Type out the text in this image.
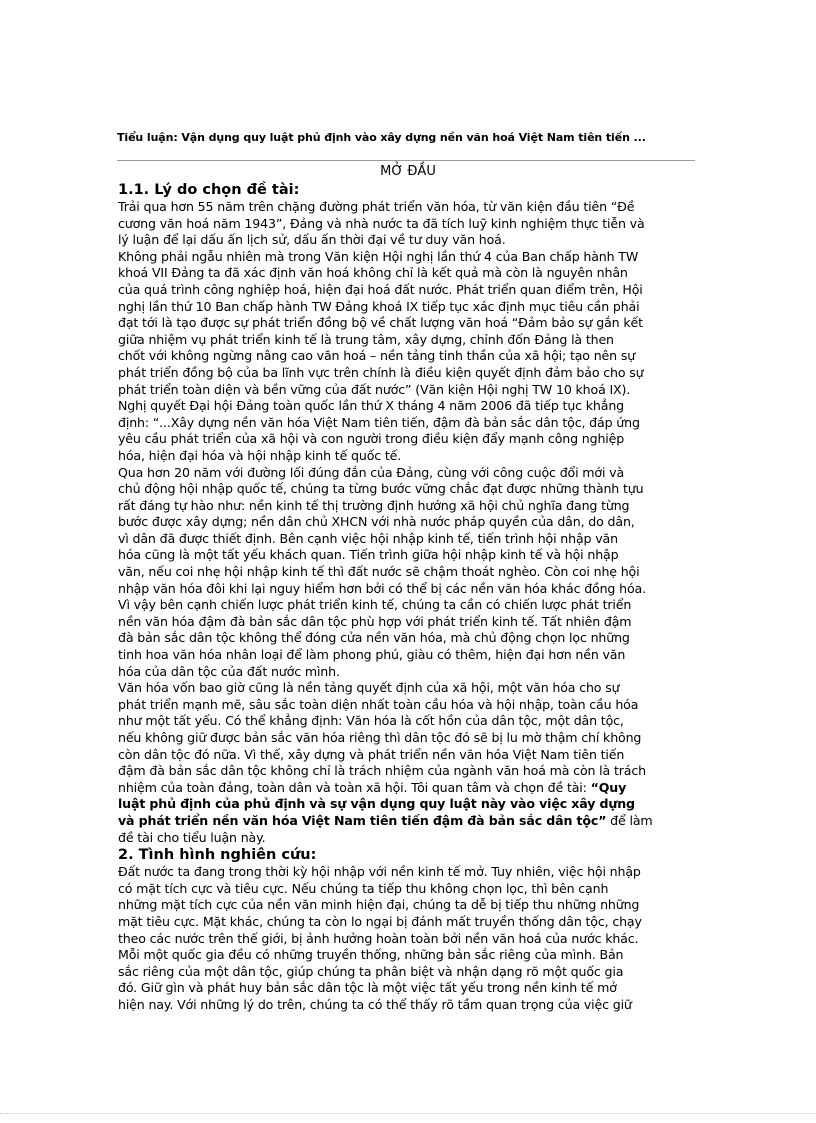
Tiểu luận: Vận dụng quy luật phủ định vào xây dựng nền văn hoá Việt Nam tiên tiến ...
MỞ ĐẦU
1.1. Lý do chọn đề tài:
Trải qua hơn 55 năm trên chặng đường phát triển văn hóa, từ văn kiện đầu tiên “Đề
cương văn hoá năm 1943”, Đảng và nhà nước ta đã tích luỹ kinh nghiệm thực tiễn và
lý luận để lại dấu ấn lịch sử, dấu ấn thời đại về tư duy văn hoá.
Không phải ngẫu nhiên mà trong Văn kiện Hội nghị lần thứ 4 của Ban chấp hành TW
khoá VII Đảng ta đã xác định văn hoá không chỉ là kết quả mà còn là nguyên nhân
của quá trình công nghiệp hoá, hiện đại hoá đất nước. Phát triển quan điểm trên, Hội
nghị lần thứ 10 Ban chấp hành TW Đảng khoá IX tiếp tục xác định mục tiêu cần phải
đạt tới là tạo được sự phát triển đồng bộ về chất lượng văn hoá “Đảm bảo sự gắn kết
giữa nhiệm vụ phát triển kinh tế là trung tâm, xây dựng, chỉnh đốn Đảng là then
chốt với không ngừng nâng cao văn hoá – nền tảng tinh thần của xã hội; tạo nên sự
phát triển đồng bộ của ba lĩnh vực trên chính là điều kiện quyết định đảm bảo cho sự
phát triển toàn diện và bền vững của đất nước” (Văn kiện Hội nghị TW 10 khoá IX).
Nghị quyết Đại hội Đảng toàn quốc lần thứ X tháng 4 năm 2006 đã tiếp tục khẳng
định: “...Xây dựng nền văn hóa Việt Nam tiên tiến, đậm đà bản sắc dân tộc, đáp ứng
yêu cầu phát triển của xã hội và con người trong điều kiện đẩy mạnh công nghiệp
hóa, hiện đại hóa và hội nhập kinh tế quốc tế.
Qua hơn 20 năm với đường lối đúng đắn của Đảng, cùng với công cuộc đổi mới và
chủ động hội nhập quốc tế, chúng ta từng bước vững chắc đạt được những thành tựu
rất đáng tự hào như: nền kinh tế thị trường định hướng xã hội chủ nghĩa đang từng
bước được xây dựng; nền dân chủ XHCN với nhà nước pháp quyền của dân, do dân,
vì dân đã được thiết định. Bên cạnh việc hội nhập kinh tế, tiến trình hội nhập văn
hóa cũng là một tất yếu khách quan. Tiến trình giữa hội nhập kinh tế và hội nhập
văn, nếu coi nhẹ hội nhập kinh tế thì đất nước sẽ chậm thoát nghèo. Còn coi nhẹ hội
nhập văn hóa đôi khi lại nguy hiểm hơn bởi có thể bị các nền văn hóa khác đồng hóa.
Vì vậy bên cạnh chiến lược phát triển kinh tế, chúng ta cần có chiến lược phát triển
nền văn hóa đậm đà bản sắc dân tộc phù hợp với phát triển kinh tế. Tất nhiên đậm
đà bản sắc dân tộc không thể đóng cửa nền văn hóa, mà chủ động chọn lọc những
tinh hoa văn hóa nhân loại để làm phong phú, giàu có thêm, hiện đại hơn nền văn
hóa của dân tộc của đất nước mình.
Văn hóa vốn bao giờ cũng là nền tảng quyết định của xã hội, một văn hóa cho sự
phát triển mạnh mẽ, sâu sắc toàn diện nhất toàn cầu hóa và hội nhập, toàn cầu hóa
như một tất yếu. Có thể khẳng định: Văn hóa là cốt hồn của dân tộc, một dân tộc,
nếu không giữ được bản sắc văn hóa riêng thì dân tộc đó sẽ bị lu mờ thậm chí không
còn dân tộc đó nữa. Vì thế, xây dựng và phát triển nền văn hóa Việt Nam tiên tiến
đậm đà bản sắc dân tộc không chỉ là trách nhiệm của ngành văn hoá mà còn là trách
nhiệm của toàn đảng, toàn dân và toàn xã hội. Tôi quan tâm và chọn đề tài: “Quy
luật phủ định của phủ định và sự vận dụng quy luật này vào việc xây dựng
và phát triển nền văn hóa Việt Nam tiên tiến đậm đà bản sắc dân tộc” để làm
đề tài cho tiểu luận này.
2. Tình hình nghiên cứu:
Đất nước ta đang trong thời kỳ hội nhập với nền kinh tế mở. Tuy nhiên, việc hội nhập
có mặt tích cực và tiêu cực. Nếu chúng ta tiếp thu không chọn lọc, thì bên cạnh
những mặt tích cực của nền văn minh hiện đại, chúng ta dễ bị tiếp thu những những
mặt tiêu cực. Mặt khác, chúng ta còn lo ngại bị đánh mất truyền thống dân tộc, chạy
theo các nước trên thế giới, bị ảnh hưởng hoàn toàn bởi nền văn hoá của nước khác.
Mỗi một quốc gia đều có những truyền thống, những bản sắc riêng của mình. Bản
sắc riêng của một dân tộc, giúp chúng ta phân biệt và nhận dạng rõ một quốc gia
đó. Giữ gìn và phát huy bản sắc dân tộc là một việc tất yếu trong nền kinh tế mở
hiện nay. Với những lý do trên, chúng ta có thể thấy rõ tầm quan trọng của việc giữ
